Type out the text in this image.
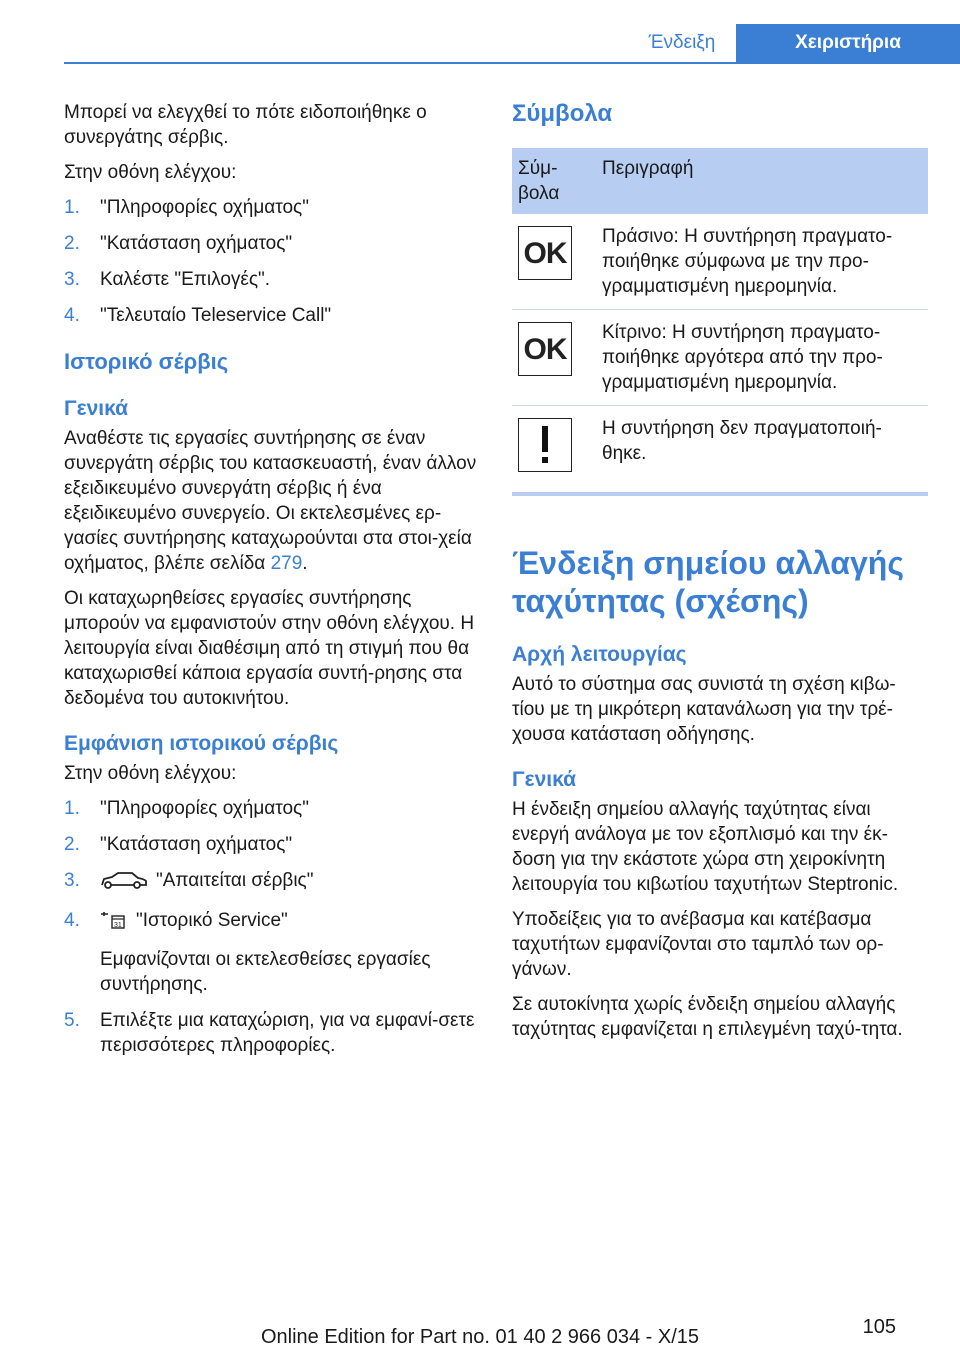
Ένδειξη	Χειριστήρια

Μπορεί να ελεγχθεί το πότε ειδοποιήθηκε ο συνεργάτης σέρβις.

Στην οθόνη ελέγχου:

1. "Πληροφορίες οχήματος"
2. "Κατάσταση οχήματος"
3. Καλέστε "Επιλογές".
4. "Τελευταίο Teleservice Call"
Ιστορικό σέρβις
Γενικά

Αναθέστε τις εργασίες συντήρησης σε έναν συνεργάτη σέρβις του κατασκευαστή, έναν άλλον εξειδικευμένο συνεργάτη σέρβις ή ένα εξειδικευμένο συνεργείο. Οι εκτελεσμένες ερ‐γασίες συντήρησης καταχωρούνται στα στοι‐χεία οχήματος, βλέπε σελίδα 279.

Οι καταχωρηθείσες εργασίες συντήρησης μπορούν να εμφανιστούν στην οθόνη ελέγχου. Η λειτουργία είναι διαθέσιμη από τη στιγμή που θα καταχωρισθεί κάποια εργασία συντή‐ρησης στα δεδομένα του αυτοκινήτου.

Εμφάνιση ιστορικού σέρβις

Στην οθόνη ελέγχου:

1. "Πληροφορίες οχήματος"
2. "Κατάσταση οχήματος"
3.	"Απαιτείται σέρβις"
4.	31 "Ιστορικό Service"
Εμφανίζονται οι εκτελεσθείσες εργασίες συντήρησης.
5. Επιλέξτε μια καταχώριση, για να εμφανί‐σετε περισσότερες πληροφορίες.
Σύμβολα
Σύμ‐βολα	Περιγραφή

OK	Πράσινο: Η συντήρηση πραγματο‐ποιήθηκε σύμφωνα με την προ‐γραμματισμένη ημερομηνία.

OK	Κίτρινο: Η συντήρηση πραγματο‐ποιήθηκε αργότερα από την προ‐γραμματισμένη ημερομηνία.

	Η συντήρηση δεν πραγματοποιή‐θηκε.
Ένδειξη σημείου αλλαγής ταχύτητας (σχέσης)
Αρχή λειτουργίας

Αυτό το σύστημα σας συνιστά τη σχέση κιβω‐τίου με τη μικρότερη κατανάλωση για την τρέ‐χουσα κατάσταση οδήγησης.

Γενικά

Η ένδειξη σημείου αλλαγής ταχύτητας είναι ενεργή ανάλογα με τον εξοπλισμό και την έκ‐δοση για την εκάστοτε χώρα στη χειροκίνητη λειτουργία του κιβωτίου ταχυτήτων Steptronic.

Υποδείξεις για το ανέβασμα και κατέβασμα ταχυτήτων εμφανίζονται στο ταμπλό των ορ‐γάνων.

Σε αυτοκίνητα χωρίς ένδειξη σημείου αλλαγής ταχύτητας εμφανίζεται η επιλεγμένη ταχύ‐τητα.

105
Online Edition for Part no. 01 40 2 966 034 - X/15
